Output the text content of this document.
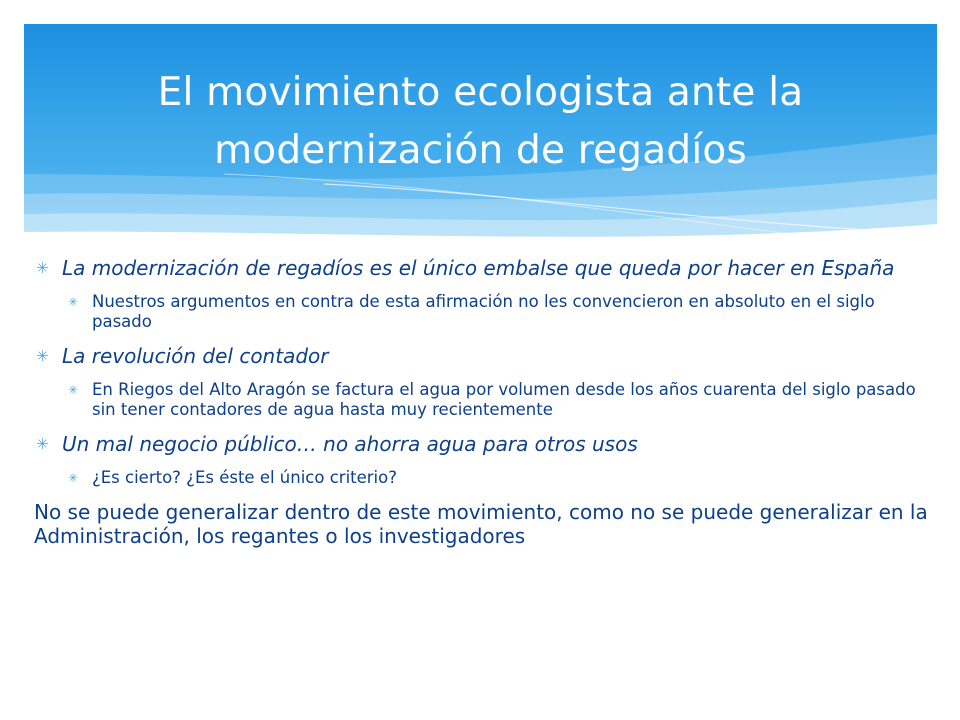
El movimiento ecologista ante la modernización de regadíos
✳ La modernización de regadíos es el único embalse que queda por hacer en España
✳ Nuestros argumentos en contra de esta afirmación no les convencieron en absoluto en el siglo pasado
✳ La revolución del contador
✳ En Riegos del Alto Aragón se factura el agua por volumen desde los años cuarenta del siglo pasado sin tener contadores de agua hasta muy recientemente
✳ Un mal negocio público… no ahorra agua para otros usos
✳ ¿Es cierto? ¿Es éste el único criterio?
No se puede generalizar dentro de este movimiento, como no se puede generalizar en la Administración, los regantes o los investigadores
